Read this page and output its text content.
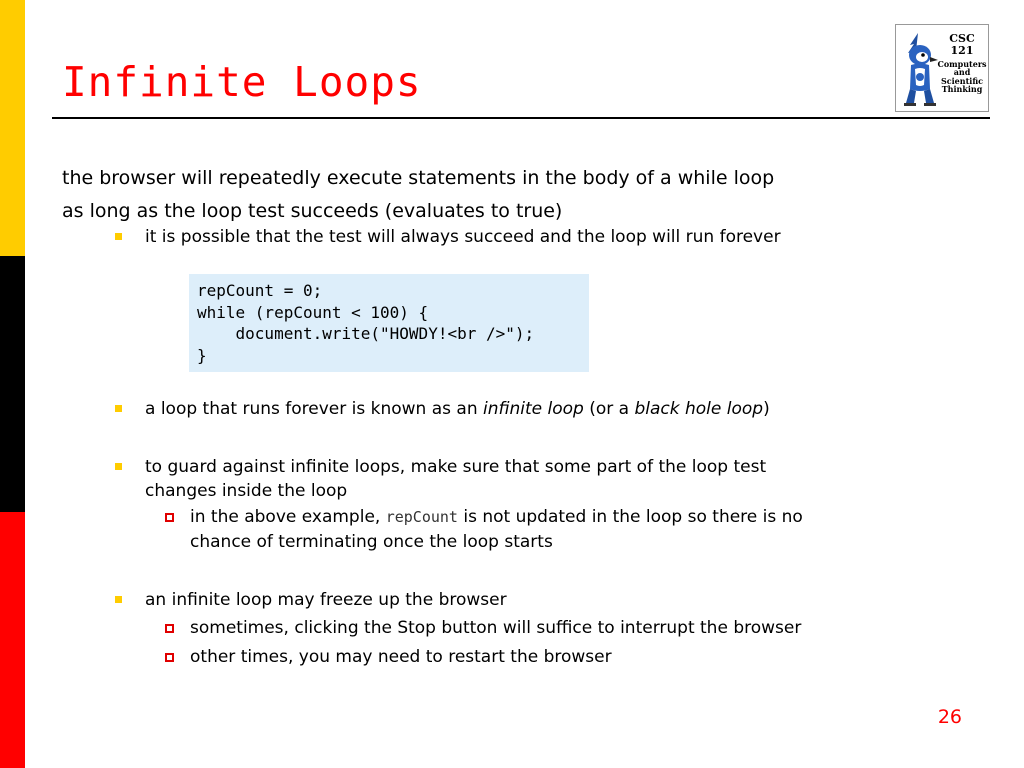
Infinite Loops
CSC 121
Computers
and
Scientific
Thinking
the browser will repeatedly execute statements in the body of a while loop
as long as the loop test succeeds (evaluates to true)
it is possible that the test will always succeed and the loop will run forever
repCount = 0;
while (repCount < 100) {
document.write("HOWDY!<br />");
}
a loop that runs forever is known as an infinite loop (or a black hole loop)
to guard against infinite loops, make sure that some part of the loop test
changes inside the loop
in the above example, repCount is not updated in the loop so there is no
chance of terminating once the loop starts
an infinite loop may freeze up the browser
sometimes, clicking the Stop button will suffice to interrupt the browser
other times, you may need to restart the browser
26
